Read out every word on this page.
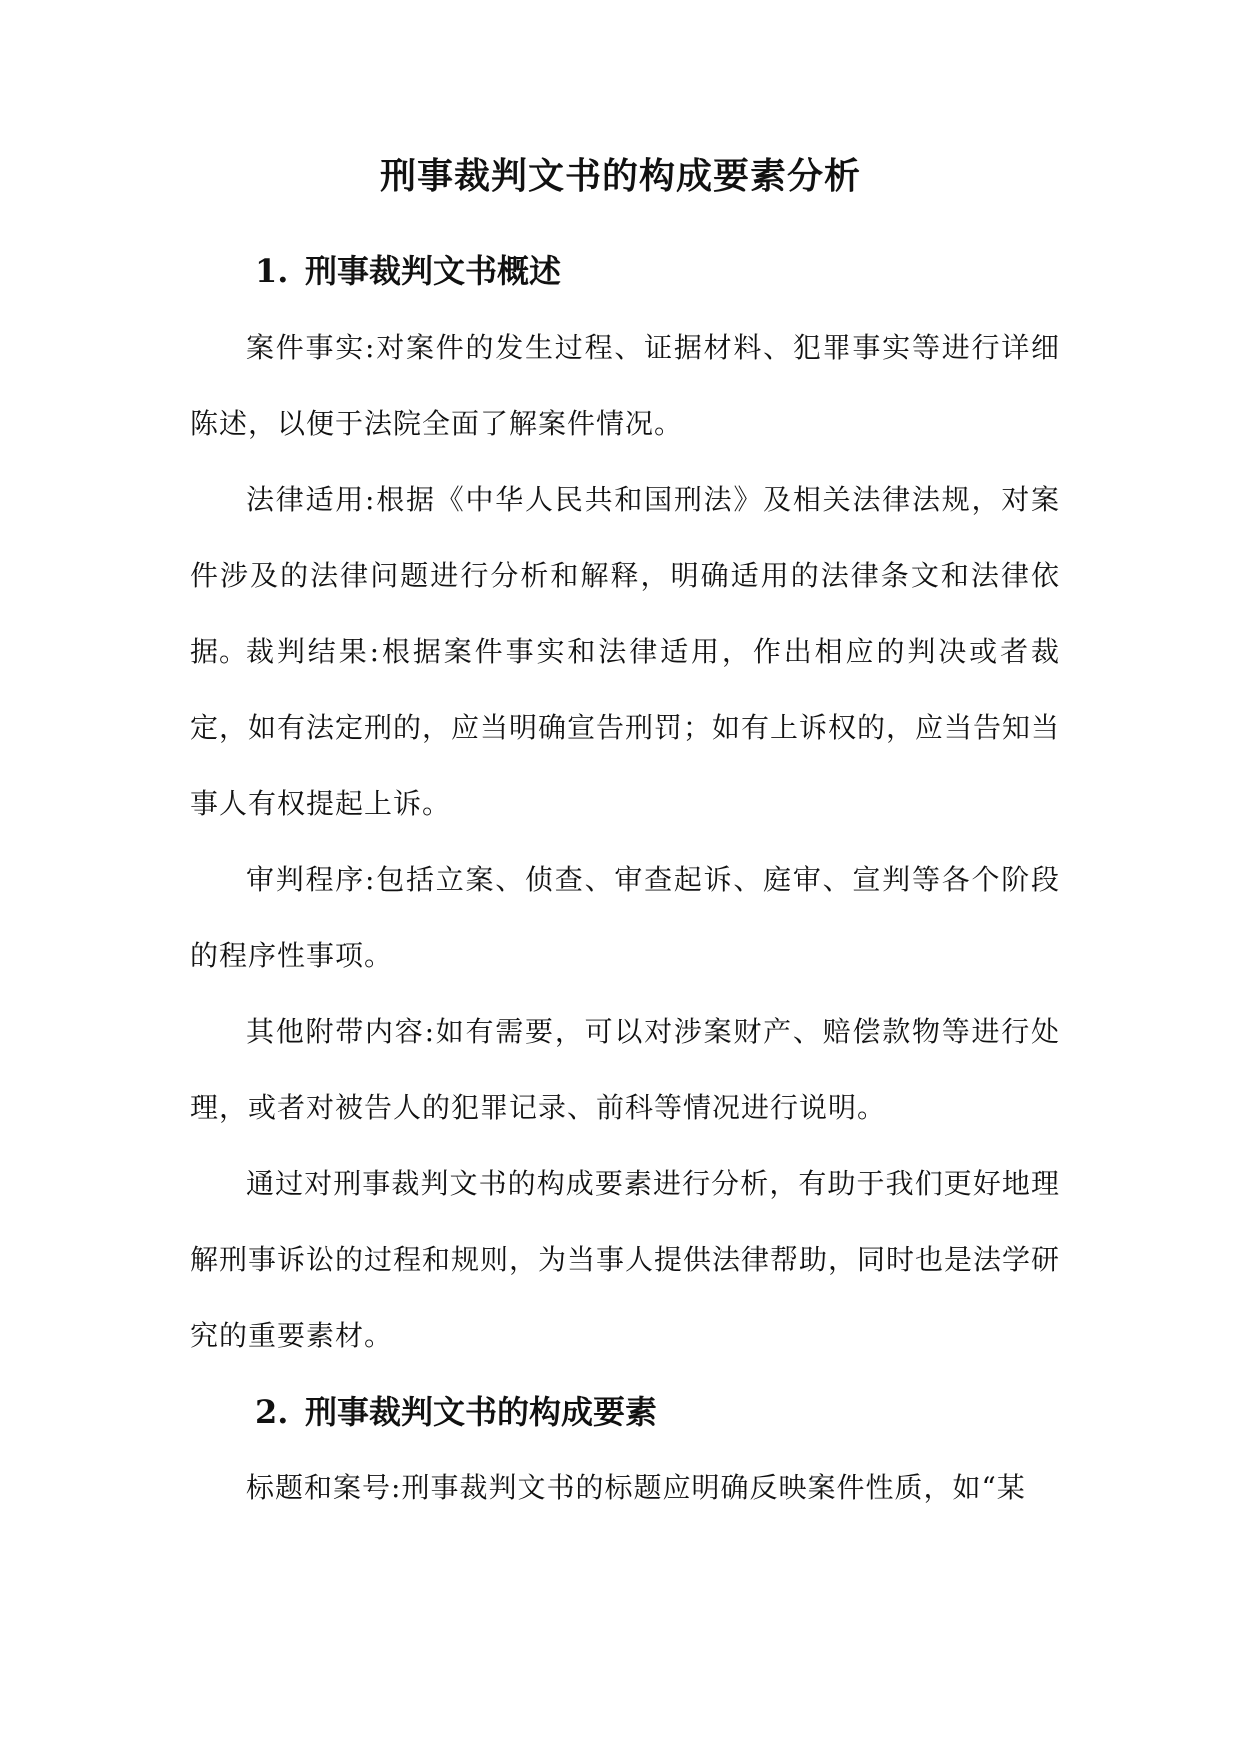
刑事裁判文书的构成要素分析
1. 刑事裁判文书概述
案件事实:对案件的发生过程、证据材料、犯罪事实等进行详细陈述，以便于法院全面了解案件情况。
法律适用:根据《中华人民共和国刑法》及相关法律法规，对案件涉及的法律问题进行分析和解释，明确适用的法律条文和法律依据。
裁判结果:根据案件事实和法律适用，作出相应的判决或者裁定，如有法定刑的，应当明确宣告刑罚；如有上诉权的，应当告知当事人有权提起上诉。
审判程序:包括立案、侦查、审查起诉、庭审、宣判等各个阶段的程序性事项。
其他附带内容:如有需要，可以对涉案财产、赔偿款物等进行处理，或者对被告人的犯罪记录、前科等情况进行说明。
通过对刑事裁判文书的构成要素进行分析，有助于我们更好地理解刑事诉讼的过程和规则，为当事人提供法律帮助，同时也是法学研究的重要素材。
2. 刑事裁判文书的构成要素
标题和案号:刑事裁判文书的标题应明确反映案件性质，如“某
